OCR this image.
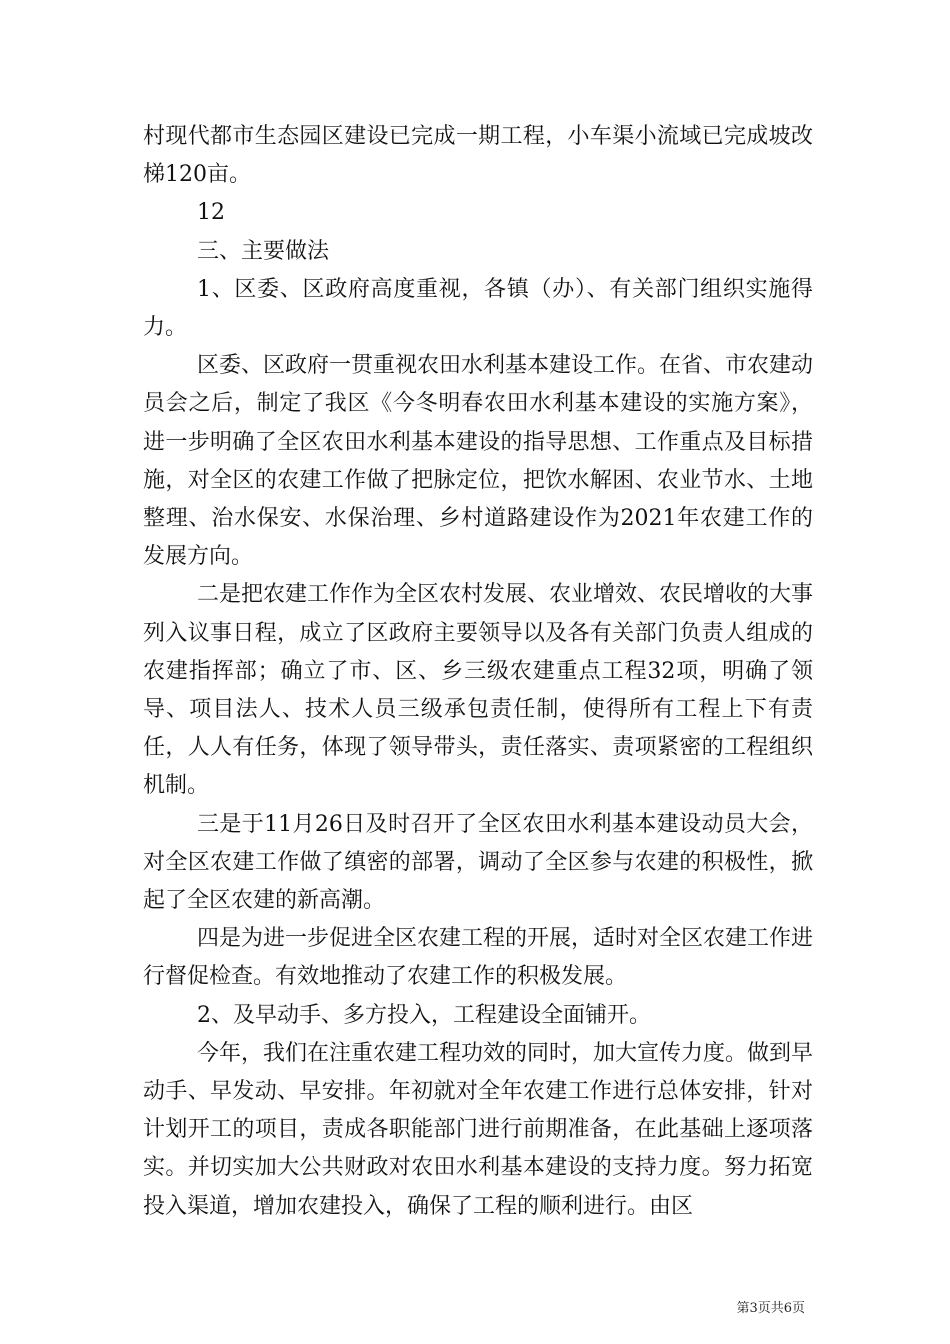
村现代都市生态园区建设已完成一期工程，小车渠小流域已完成坡改梯120亩。

12

三、主要做法

1、区委、区政府高度重视，各镇（办）、有关部门组织实施得力。

区委、区政府一贯重视农田水利基本建设工作。在省、市农建动员会之后，制定了我区《今冬明春农田水利基本建设的实施方案》，进一步明确了全区农田水利基本建设的指导思想、工作重点及目标措施，对全区的农建工作做了把脉定位，把饮水解困、农业节水、土地整理、治水保安、水保治理、乡村道路建设作为2021年农建工作的发展方向。

二是把农建工作作为全区农村发展、农业增效、农民增收的大事列入议事日程，成立了区政府主要领导以及各有关部门负责人组成的农建指挥部；确立了市、区、乡三级农建重点工程32项，明确了领导、项目法人、技术人员三级承包责任制，使得所有工程上下有责任，人人有任务，体现了领导带头，责任落实、责项紧密的工程组织机制。

三是于11月26日及时召开了全区农田水利基本建设动员大会，对全区农建工作做了缜密的部署，调动了全区参与农建的积极性，掀起了全区农建的新高潮。

四是为进一步促进全区农建工程的开展，适时对全区农建工作进行督促检查。有效地推动了农建工作的积极发展。

2、及早动手、多方投入，工程建设全面铺开。

今年，我们在注重农建工程功效的同时，加大宣传力度。做到早动手、早发动、早安排。年初就对全年农建工作进行总体安排，针对计划开工的项目，责成各职能部门进行前期准备，在此基础上逐项落实。并切实加大公共财政对农田水利基本建设的支持力度。努力拓宽投入渠道，增加农建投入，确保了工程的顺利进行。由区

第3页共6页
